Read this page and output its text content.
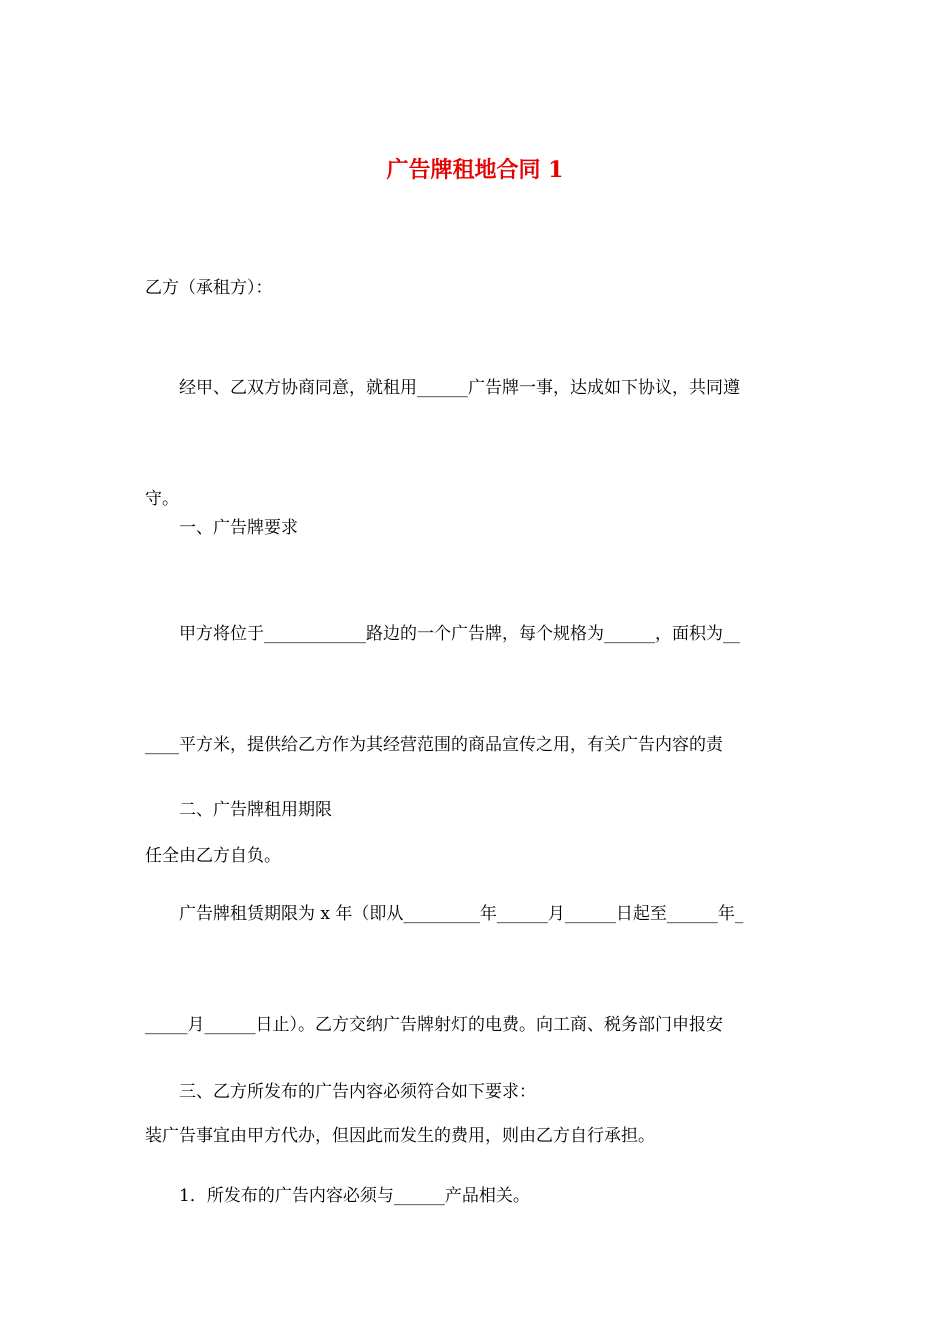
广告牌租地合同 1

乙方（承租方）：

　　经甲、乙双方协商同意，就租用______广告牌一事，达成如下协议，共同遵

守。

　　一、广告牌要求

　　甲方将位于____________路边的一个广告牌，每个规格为______，面积为__

____平方米，提供给乙方作为其经营范围的商品宣传之用，有关广告内容的责

任全由乙方自负。

　　二、广告牌租用期限

　　广告牌租赁期限为 x 年（即从_________年______月______日起至______年_

_____月______日止）。乙方交纳广告牌射灯的电费。向工商、税务部门申报安

装广告事宜由甲方代办，但因此而发生的费用，则由乙方自行承担。

　　三、乙方所发布的广告内容必须符合如下要求：

　　1．所发布的广告内容必须与______产品相关。
